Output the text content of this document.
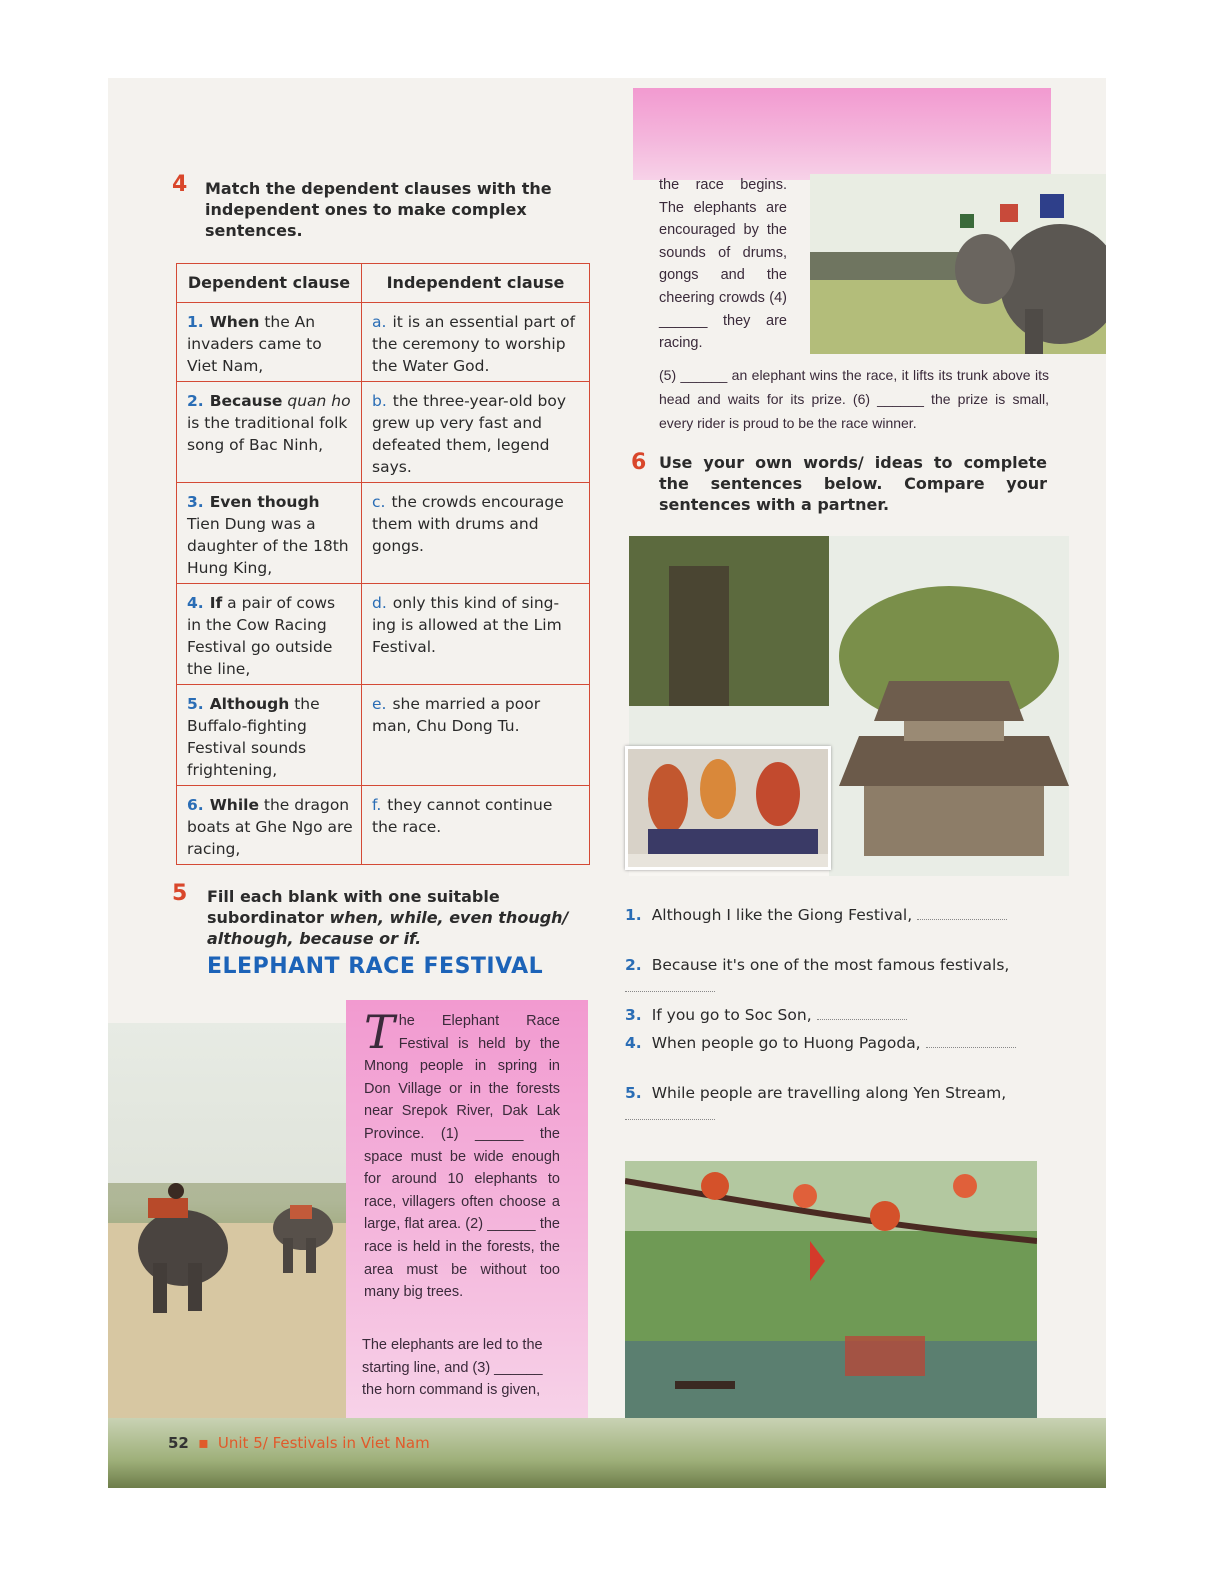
4 Match the dependent clauses with the independent ones to make complex sentences.
Dependent clause	Independent clause
1. When the An invaders came to Viet Nam,	a. it is an essential part of the ceremony to worship the Water God.
2. Because quan ho is the traditional folk song of Bac Ninh,	b. the three-year-old boy grew up very fast and defeated them, legend says.
3. Even though Tien Dung was a daughter of the 18th Hung King,	c. the crowds encourage them with drums and gongs.
4. If a pair of cows in the Cow Racing Festival go outside the line,	d. only this kind of sing-ing is allowed at the Lim Festival.
5. Although the Buffalo-fighting Festival sounds frightening,	e. she married a poor man, Chu Dong Tu.
6. While the dragon boats at Ghe Ngo are racing,	f. they cannot continue the race.
5 Fill each blank with one suitable subordinator when, while, even though/ although, because or if.
ELEPHANT RACE FESTIVAL
The Elephant Race Festival is held by the Mnong people in spring in Don Village or in the forests near Srepok River, Dak Lak Province. (1) ______ the space must be wide enough for around 10 elephants to race, villagers often choose a large, flat area. (2) ______ the race is held in the forests, the area must be without too many big trees.
The elephants are led to the starting line, and (3) ______ the horn command is given,
the race begins. The elephants are encouraged by the sounds of drums, gongs and the cheering crowds (4) ______ they are racing.
(5) ______ an elephant wins the race, it lifts its trunk above its head and waits for its prize. (6) ______ the prize is small, every rider is proud to be the race winner.
6 Use your own words/ ideas to complete the sentences below. Compare your sentences with a partner.
1. Although I like the Giong Festival,
2. Because it's one of the most famous festivals,
3. If you go to Soc Son,
4. When people go to Huong Pagoda,
5. While people are travelling along Yen Stream,
52 ▪ Unit 5/ Festivals in Viet Nam
